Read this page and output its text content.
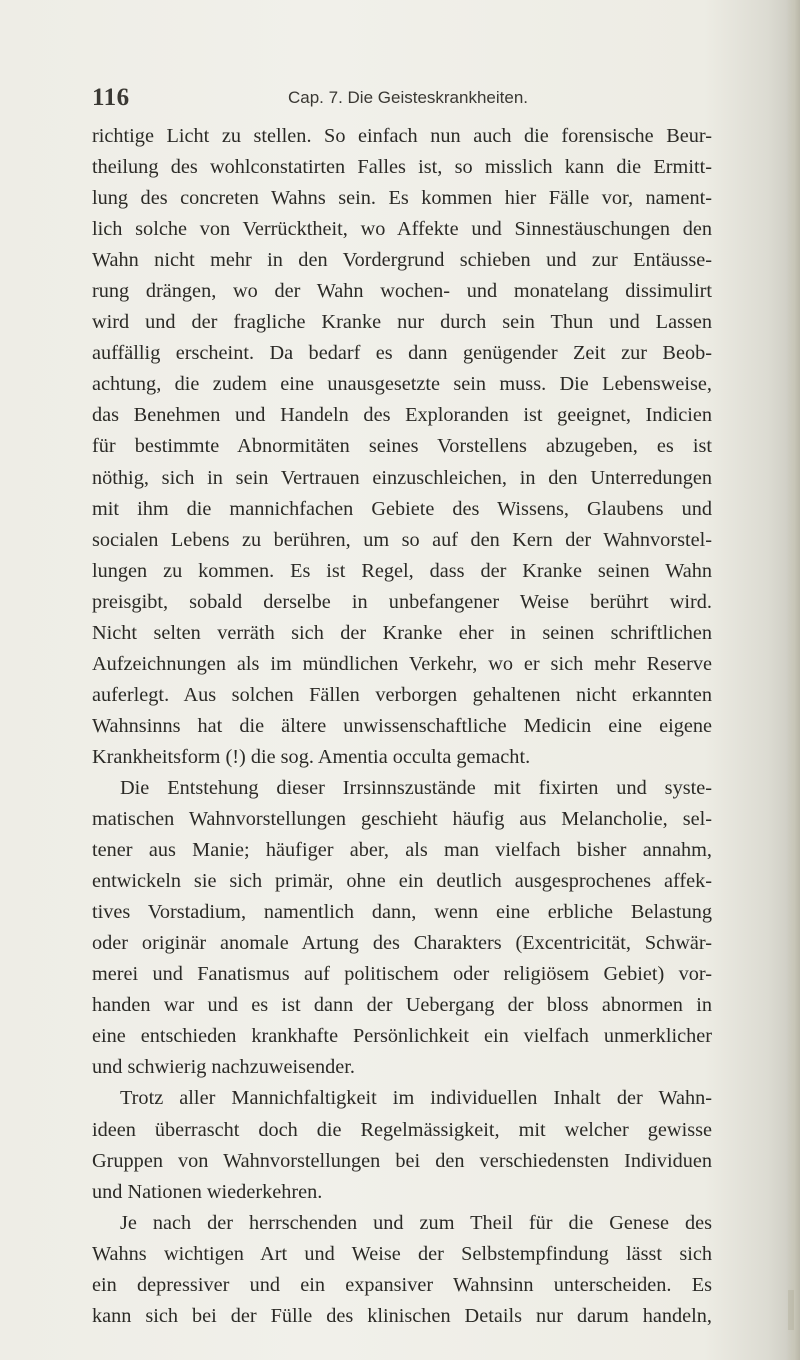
116	Cap. 7. Die Geisteskrankheiten.
richtige Licht zu stellen. So einfach nun auch die forensische Beur-
theilung des wohlconstatirten Falles ist, so misslich kann die Ermitt-
lung des concreten Wahns sein. Es kommen hier Fälle vor, nament-
lich solche von Verrücktheit, wo Affekte und Sinnestäuschungen den
Wahn nicht mehr in den Vordergrund schieben und zur Entäusse-
rung drängen, wo der Wahn wochen- und monatelang dissimulirt
wird und der fragliche Kranke nur durch sein Thun und Lassen
auffällig erscheint. Da bedarf es dann genügender Zeit zur Beob-
achtung, die zudem eine unausgesetzte sein muss. Die Lebensweise,
das Benehmen und Handeln des Exploranden ist geeignet, Indicien
für bestimmte Abnormitäten seines Vorstellens abzugeben, es ist
nöthig, sich in sein Vertrauen einzuschleichen, in den Unterredungen
mit ihm die mannichfachen Gebiete des Wissens, Glaubens und
socialen Lebens zu berühren, um so auf den Kern der Wahnvorstel-
lungen zu kommen. Es ist Regel, dass der Kranke seinen Wahn
preisgibt, sobald derselbe in unbefangener Weise berührt wird.
Nicht selten verräth sich der Kranke eher in seinen schriftlichen
Aufzeichnungen als im mündlichen Verkehr, wo er sich mehr Reserve
auferlegt. Aus solchen Fällen verborgen gehaltenen nicht erkannten
Wahnsinns hat die ältere unwissenschaftliche Medicin eine eigene
Krankheitsform (!) die sog. Amentia occulta gemacht.
Die Entstehung dieser Irrsinnszustände mit fixirten und syste-
matischen Wahnvorstellungen geschieht häufig aus Melancholie, sel-
tener aus Manie; häufiger aber, als man vielfach bisher annahm,
entwickeln sie sich primär, ohne ein deutlich ausgesprochenes affek-
tives Vorstadium, namentlich dann, wenn eine erbliche Belastung
oder originär anomale Artung des Charakters (Excentricität, Schwär-
merei und Fanatismus auf politischem oder religiösem Gebiet) vor-
handen war und es ist dann der Uebergang der bloss abnormen in
eine entschieden krankhafte Persönlichkeit ein vielfach unmerklicher
und schwierig nachzuweisender.
Trotz aller Mannichfaltigkeit im individuellen Inhalt der Wahn-
ideen überrascht doch die Regelmässigkeit, mit welcher gewisse
Gruppen von Wahnvorstellungen bei den verschiedensten Individuen
und Nationen wiederkehren.
Je nach der herrschenden und zum Theil für die Genese des
Wahns wichtigen Art und Weise der Selbstempfindung lässt sich
ein depressiver und ein expansiver Wahnsinn unterscheiden. Es
kann sich bei der Fülle des klinischen Details nur darum handeln,
